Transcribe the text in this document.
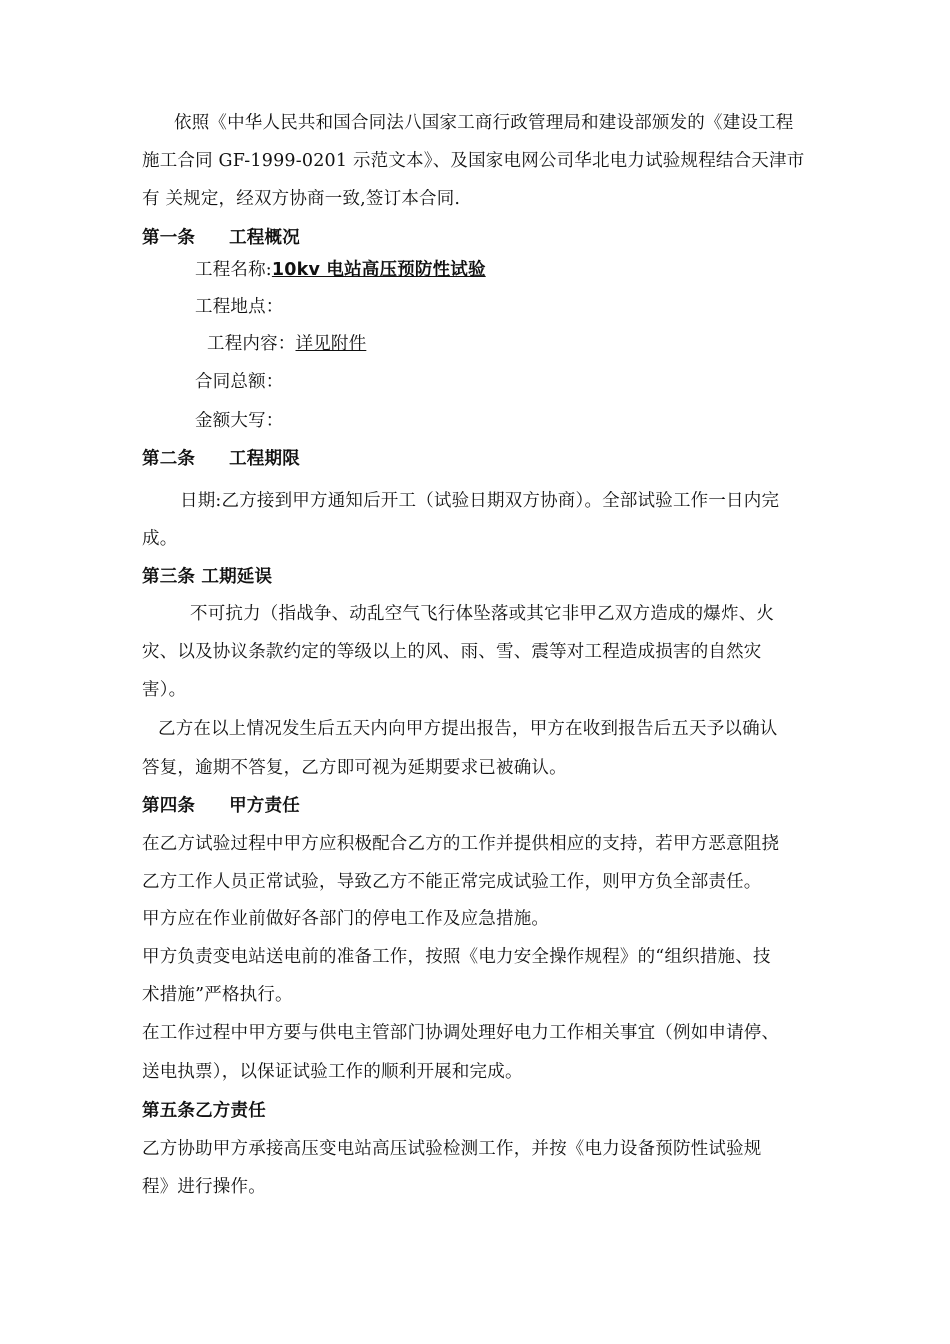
依照《中华人民共和国合同法八国家工商行政管理局和建设部颁发的《建设工程
施工合同 GF-1999-0201 示范文本》、及国家电网公司华北电力试验规程结合天津市
有 关规定，经双方协商一致,签订本合同.
第一条 工程概况
工程名称:10kv 电站高压预防性试验
工程地点：
工程内容：详见附件
合同总额：
金额大写：
第二条 工程期限
日期:乙方接到甲方通知后开工（试验日期双方协商）。全部试验工作一日内完
成。
第三条 工期延误
不可抗力（指战争、动乱空气飞行体坠落或其它非甲乙双方造成的爆炸、火
灾、以及协议条款约定的等级以上的风、雨、雪、震等对工程造成损害的自然灾
害）。
乙方在以上情况发生后五天内向甲方提出报告，甲方在收到报告后五天予以确认
答复，逾期不答复，乙方即可视为延期要求已被确认。
第四条 甲方责任
在乙方试验过程中甲方应积极配合乙方的工作并提供相应的支持，若甲方恶意阻挠
乙方工作人员正常试验，导致乙方不能正常完成试验工作，则甲方负全部责任。
甲方应在作业前做好各部门的停电工作及应急措施。
甲方负责变电站送电前的准备工作，按照《电力安全操作规程》的“组织措施、技
术措施”严格执行。
在工作过程中甲方要与供电主管部门协调处理好电力工作相关事宜（例如申请停、
送电执票），以保证试验工作的顺利开展和完成。
第五条乙方责任
乙方协助甲方承接高压变电站高压试验检测工作，并按《电力设备预防性试验规
程》进行操作。
